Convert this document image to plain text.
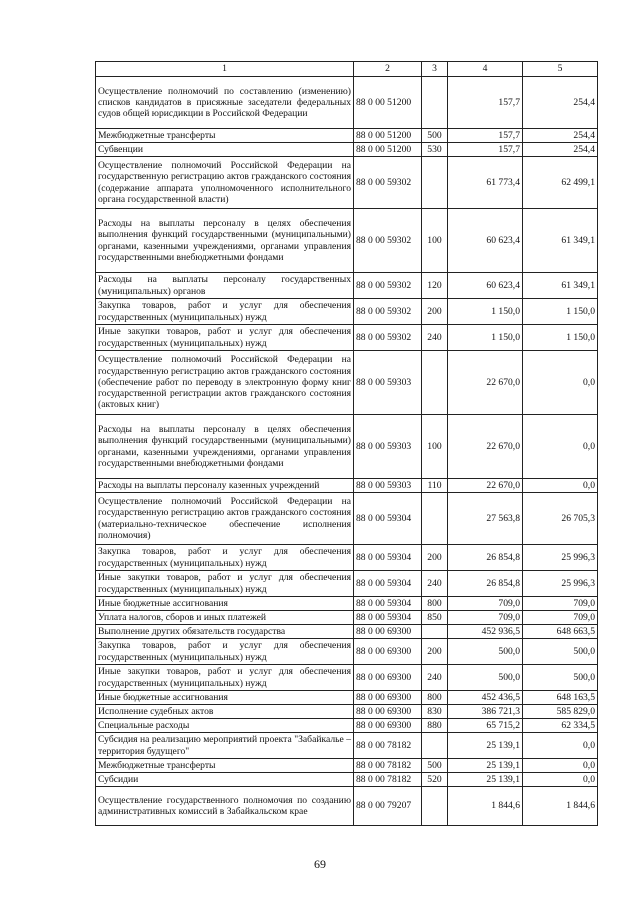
1	2	3	4	5
Осуществление полномочий по составлению (изменению) списков кандидатов в присяжные заседатели федеральных судов общей юрисдикции в Российской Федерации	88 0 00 51200		157,7	254,4
Межбюджетные трансферты	88 0 00 51200	500	157,7	254,4
Субвенции	88 0 00 51200	530	157,7	254,4
Осуществление полномочий Российской Федерации на государственную регистрацию актов гражданского состояния (содержание аппарата уполномоченного исполнительного органа государственной власти)	88 0 00 59302		61 773,4	62 499,1
Расходы на выплаты персоналу в целях обеспечения выполнения функций государственными (муниципальными) органами, казенными учреждениями, органами управления государственными внебюджетными фондами	88 0 00 59302	100	60 623,4	61 349,1
Расходы на выплаты персоналу государственных (муниципальных) органов	88 0 00 59302	120	60 623,4	61 349,1
Закупка товаров, работ и услуг для обеспечения государственных (муниципальных) нужд	88 0 00 59302	200	1 150,0	1 150,0
Иные закупки товаров, работ и услуг для обеспечения государственных (муниципальных) нужд	88 0 00 59302	240	1 150,0	1 150,0
Осуществление полномочий Российской Федерации на государственную регистрацию актов гражданского состояния (обеспечение работ по переводу в электронную форму книг государственной регистрации актов гражданского состояния (актовых книг)	88 0 00 59303		22 670,0	0,0
Расходы на выплаты персоналу в целях обеспечения выполнения функций государственными (муниципальными) органами, казенными учреждениями, органами управления государственными внебюджетными фондами	88 0 00 59303	100	22 670,0	0,0
Расходы на выплаты персоналу казенных учреждений	88 0 00 59303	110	22 670,0	0,0
Осуществление полномочий Российской Федерации на государственную регистрацию актов гражданского состояния (материально-техническое обеспечение исполнения полномочия)	88 0 00 59304		27 563,8	26 705,3
Закупка товаров, работ и услуг для обеспечения государственных (муниципальных) нужд	88 0 00 59304	200	26 854,8	25 996,3
Иные закупки товаров, работ и услуг для обеспечения государственных (муниципальных) нужд	88 0 00 59304	240	26 854,8	25 996,3
Иные бюджетные ассигнования	88 0 00 59304	800	709,0	709,0
Уплата налогов, сборов и иных платежей	88 0 00 59304	850	709,0	709,0
Выполнение других обязательств государства	88 0 00 69300		452 936,5	648 663,5
Закупка товаров, работ и услуг для обеспечения государственных (муниципальных) нужд	88 0 00 69300	200	500,0	500,0
Иные закупки товаров, работ и услуг для обеспечения государственных (муниципальных) нужд	88 0 00 69300	240	500,0	500,0
Иные бюджетные ассигнования	88 0 00 69300	800	452 436,5	648 163,5
Исполнение судебных актов	88 0 00 69300	830	386 721,3	585 829,0
Специальные расходы	88 0 00 69300	880	65 715,2	62 334,5
Субсидия на реализацию мероприятий проекта "Забайкалье – территория будущего"	88 0 00 78182		25 139,1	0,0
Межбюджетные трансферты	88 0 00 78182	500	25 139,1	0,0
Субсидии	88 0 00 78182	520	25 139,1	0,0
Осуществление государственного полномочия по созданию административных комиссий в Забайкальском крае	88 0 00 79207		1 844,6	1 844,6
69
